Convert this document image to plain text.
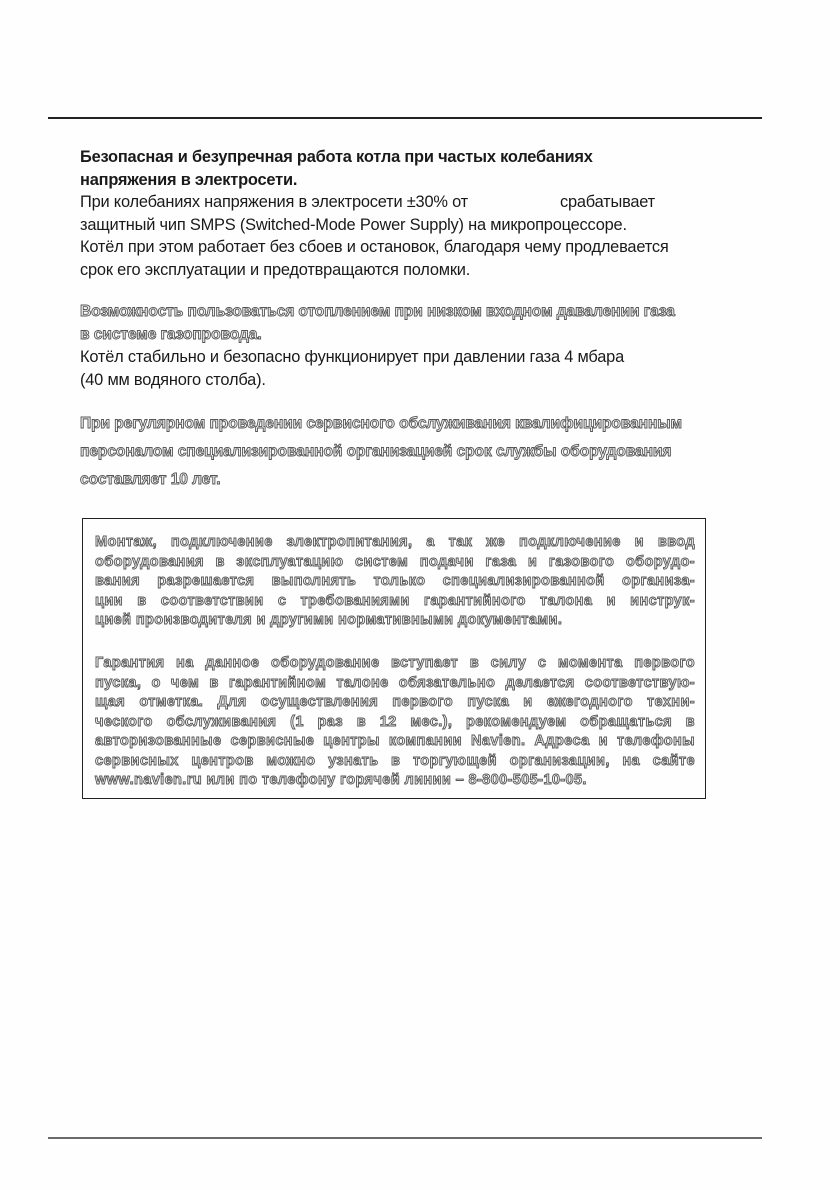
Безопасная и безупречная работа котла при частых колебаниях
напряжения в электросети.
При колебаниях напряжения в электросети ±30% от	срабатывает
защитный чип SMPS (Switched-Mode Power Supply) на микропроцессоре.
Котёл при этом работает без сбоев и остановок, благодаря чему продлевается
срок его эксплуатации и предотвращаются поломки.
Возможность пользоваться отоплением при низком входном давалении газа
в системе газопровода.
Котёл стабильно и безопасно функционирует при давлении газа 4 мбара
(40 мм водяного столба).
При регулярном проведении сервисного обслуживания квалифицированным
персоналом специализированной организацией срок службы оборудования
составляет 10 лет.
Монтаж, подключение электропитания, а так же подключение и ввод
оборудования в эксплуатацию систем подачи газа и газового оборудо-
вания разрешается выполнять только специализированной организа-
ции в соответствии с требованиями гарантийного талона и инструк-
цией производителя и другими нормативными документами.
Гарантия на данное оборудование вступает в силу с момента первого
пуска, о чем в гарантийном талоне обязательно делается соответствую-
щая отметка. Для осуществления первого пуска и ежегодного техни-
ческого обслуживания (1 раз в 12 мес.), рекомендуем обращаться в
авторизованные сервисные центры компании Navien. Адреса и телефоны
сервисных центров можно узнать в торгующей организации, на сайте
www.navien.ru или по телефону горячей линии – 8-800-505-10-05.
